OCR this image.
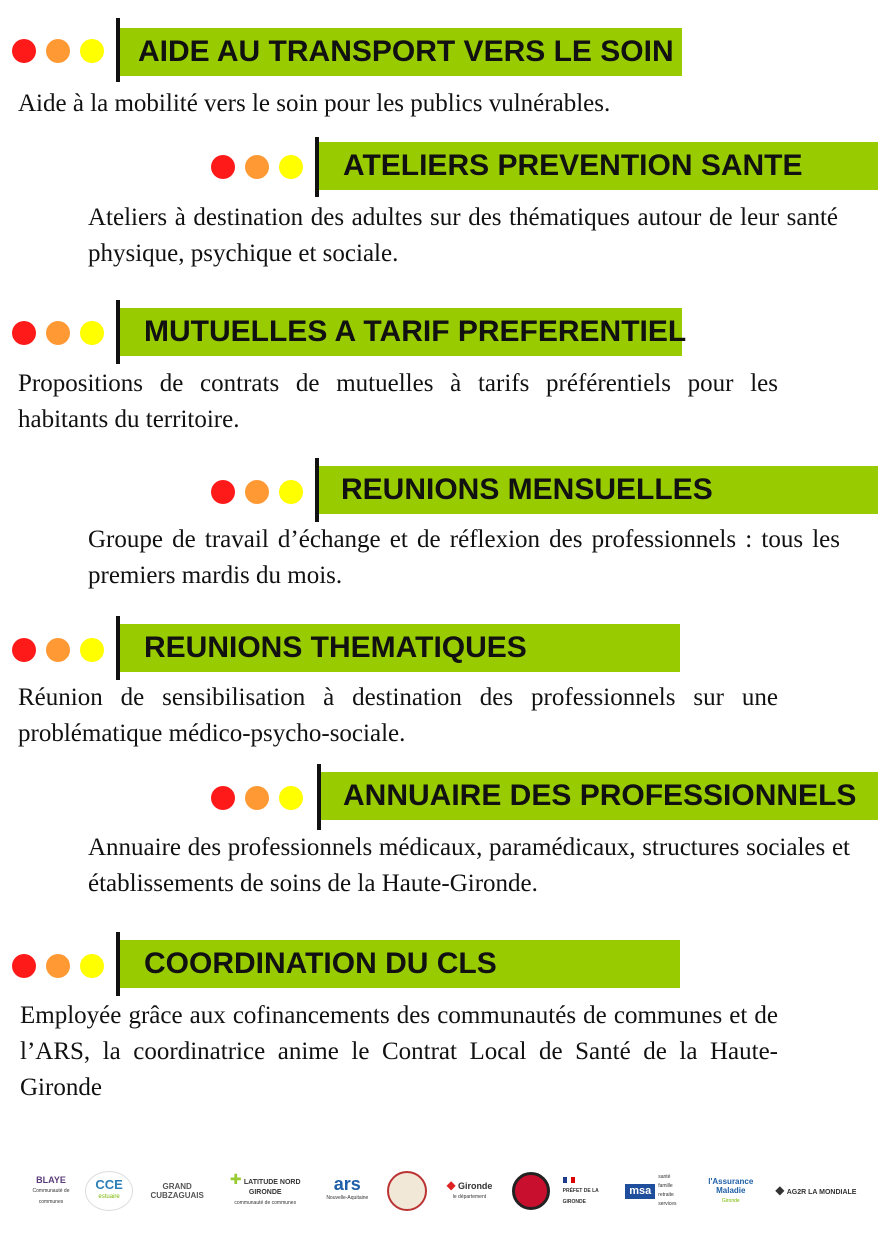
AIDE AU TRANSPORT VERS LE SOIN
Aide à la mobilité vers le soin pour les publics vulnérables.
ATELIERS PREVENTION SANTE
Ateliers à destination des adultes sur des thématiques autour de leur santé physique, psychique et sociale.
MUTUELLES A TARIF PREFERENTIEL
Propositions de contrats de mutuelles à tarifs préférentiels pour les habitants du territoire.
REUNIONS MENSUELLES
Groupe de travail d’échange et de réflexion des professionnels : tous les premiers mardis du mois.
REUNIONS THEMATIQUES
Réunion de sensibilisation à destination des professionnels sur une problématique médico-psycho-sociale.
ANNUAIRE DES PROFESSIONNELS
Annuaire des professionnels médicaux, paramédicaux, structures sociales et établissements de soins de la Haute-Gironde.
COORDINATION DU CLS
Employée grâce aux cofinancements des communautés de communes et de l’ARS, la coordinatrice anime le Contrat Local de Santé de la Haute-Gironde
BLAYE
Communauté de communes
CCE
estuaire
GRAND CUBZAGUAIS
✚ LATITUDE NORD GIRONDE
communauté de communes
ars
Nouvelle-Aquitaine
◆ Gironde
le département

PRÉFET DE LA GIRONDE
msa
santé famille retraite services
l'Assurance Maladie
Gironde
◆ AG2R LA MONDIALE
